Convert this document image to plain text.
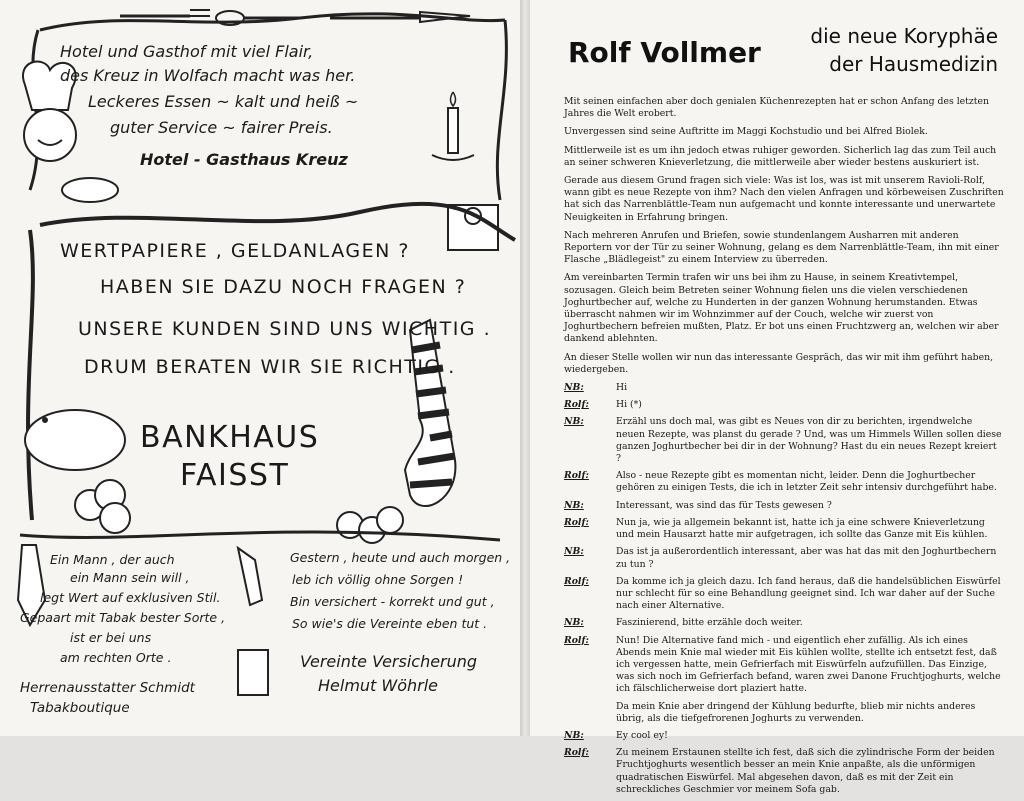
Hotel und Gasthof mit viel Flair,
des Kreuz in Wolfach macht was her.
Leckeres Essen ~ kalt und heiß ~
guter Service ~ fairer Preis.
Hotel - Gasthaus Kreuz
WERTPAPIERE , GELDANLAGEN ?
HABEN SIE DAZU NOCH FRAGEN ?
UNSERE KUNDEN SIND UNS WICHTIG .
DRUM BERATEN WIR SIE RICHTIG .
BANKHAUS
FAISST
Ein Mann , der auch
ein Mann sein will ,
legt Wert auf exklusiven Stil.
Gepaart mit Tabak bester Sorte ,
ist er bei uns
am rechten Orte .
Herrenausstatter Schmidt
Tabakboutique
Gestern , heute und auch morgen ,
leb ich völlig ohne Sorgen !
Bin versichert - korrekt und gut ,
So wie's die Vereinte eben tut .
Vereinte Versicherung
Helmut Wöhrle
Rolf Vollmer	die neue Koryphäe
der Hausmedizin

Mit seinen einfachen aber doch genialen Küchenrezepten hat er schon Anfang des letzten Jahres die Welt erobert.

Unvergessen sind seine Auftritte im Maggi Kochstudio und bei Alfred Biolek.

Mittlerweile ist es um ihn jedoch etwas ruhiger geworden. Sicherlich lag das zum Teil auch an seiner schweren Knieverletzung, die mittlerweile aber wieder bestens auskuriert ist.

Gerade aus diesem Grund fragen sich viele: Was ist los, was ist mit unserem Ravioli-Rolf, wann gibt es neue Rezepte von ihm? Nach den vielen Anfragen und körbeweisen Zuschriften hat sich das Narrenblättle-Team nun aufgemacht und konnte interessante und unerwartete Neuigkeiten in Erfahrung bringen.

Nach mehreren Anrufen und Briefen, sowie stundenlangem Ausharren mit anderen Reportern vor der Tür zu seiner Wohnung, gelang es dem Narrenblättle-Team, ihn mit einer Flasche „Blädlegeist" zu einem Interview zu überreden.

Am vereinbarten Termin trafen wir uns bei ihm zu Hause, in seinem Kreativtempel, sozusagen. Gleich beim Betreten seiner Wohnung fielen uns die vielen verschiedenen Joghurtbecher auf, welche zu Hunderten in der ganzen Wohnung herumstanden. Etwas überrascht nahmen wir im Wohnzimmer auf der Couch, welche wir zuerst von Joghurtbechern befreien mußten, Platz. Er bot uns einen Fruchtzwerg an, welchen wir aber dankend ablehnten.

An dieser Stelle wollen wir nun das interessante Gespräch, das wir mit ihm geführt haben, wiedergeben.

NB:	Hi
Rolf:	Hi (*)
NB:	Erzähl uns doch mal, was gibt es Neues von dir zu berichten, irgendwelche neuen Rezepte, was planst du gerade ? Und, was um Himmels Willen sollen diese ganzen Joghurtbecher bei dir in der Wohnung? Hast du ein neues Rezept kreiert ?
Rolf:	Also - neue Rezepte gibt es momentan nicht, leider. Denn die Joghurtbecher gehören zu einigen Tests, die ich in letzter Zeit sehr intensiv durchgeführt habe.
NB:	Interessant, was sind das für Tests gewesen ?
Rolf:	Nun ja, wie ja allgemein bekannt ist, hatte ich ja eine schwere Knieverletzung und mein Hausarzt hatte mir aufgetragen, ich sollte das Ganze mit Eis kühlen.
NB:	Das ist ja außerordentlich interessant, aber was hat das mit den Joghurtbechern zu tun ?
Rolf:	Da komme ich ja gleich dazu. Ich fand heraus, daß die handelsüblichen Eiswürfel nur schlecht für so eine Behandlung geeignet sind. Ich war daher auf der Suche nach einer Alternative.
NB:	Faszinierend, bitte erzähle doch weiter.
Rolf:	Nun! Die Alternative fand mich - und eigentlich eher zufällig. Als ich eines Abends mein Knie mal wieder mit Eis kühlen wollte, stellte ich entsetzt fest, daß ich vergessen hatte, mein Gefrierfach mit Eiswürfeln aufzufüllen. Das Einzige, was sich noch im Gefrierfach befand, waren zwei Danone Fruchtjoghurts, welche ich fälschlicherweise dort plaziert hatte.
Da mein Knie aber dringend der Kühlung bedurfte, blieb mir nichts anderes übrig, als die tiefgefrorenen Joghurts zu verwenden.
NB:	Ey cool ey!
Rolf:	Zu meinem Erstaunen stellte ich fest, daß sich die zylindrische Form der beiden Fruchtjoghurts wesentlich besser an mein Knie anpaßte, als die unförmigen quadratischen Eiswürfel. Mal abgesehen davon, daß es mit der Zeit ein schreckliches Geschmier vor meinem Sofa gab.
